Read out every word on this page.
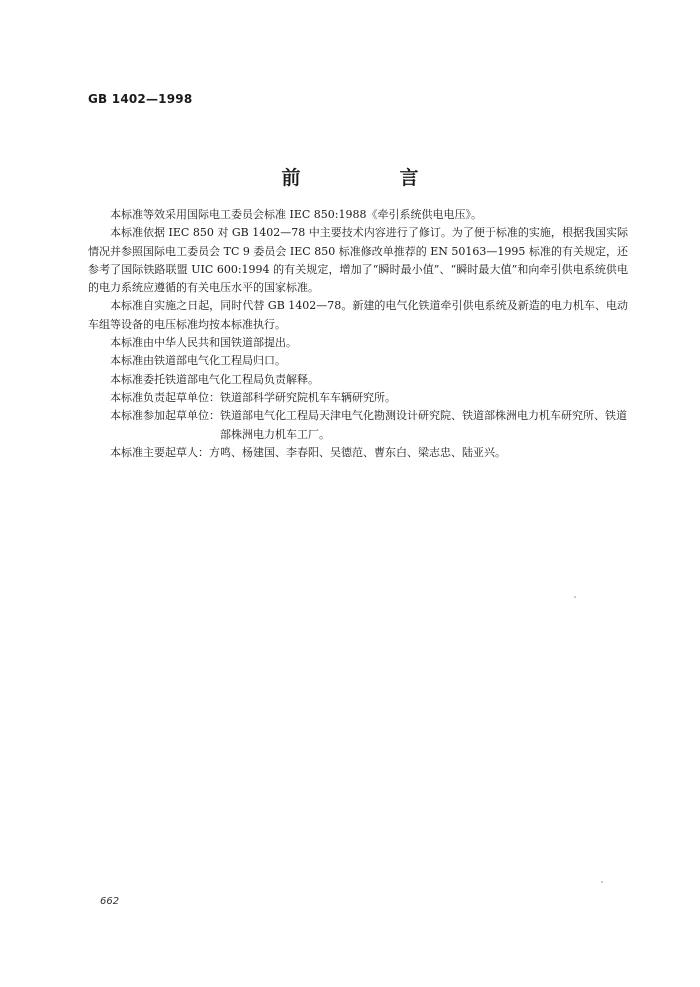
GB 1402—1998
前　言

本标准等效采用国际电工委员会标准 IEC 850:1988《牵引系统供电电压》。

本标准依据 IEC 850 对 GB 1402—78 中主要技术内容进行了修订。为了便于标准的实施，根据我国实际情况并参照国际电工委员会 TC 9 委员会 IEC 850 标准修改单推荐的 EN 50163—1995 标准的有关规定，还参考了国际铁路联盟 UIC 600:1994 的有关规定，增加了“瞬时最小值”、“瞬时最大值”和向牵引供电系统供电的电力系统应遵循的有关电压水平的国家标准。

本标准自实施之日起，同时代替 GB 1402—78。新建的电气化铁道牵引供电系统及新造的电力机车、电动车组等设备的电压标准均按本标准执行。

本标准由中华人民共和国铁道部提出。

本标准由铁道部电气化工程局归口。

本标准委托铁道部电气化工程局负责解释。

本标准负责起草单位：铁道部科学研究院机车车辆研究所。

本标准参加起草单位： 铁道部电气化工程局天津电气化勘测设计研究院、铁道部株洲电力机车研究所、铁道部株洲电力机车工厂。

本标准主要起草人：方鸣、杨建国、李春阳、吴德范、曹东白、梁志忠、陆亚兴。

662
